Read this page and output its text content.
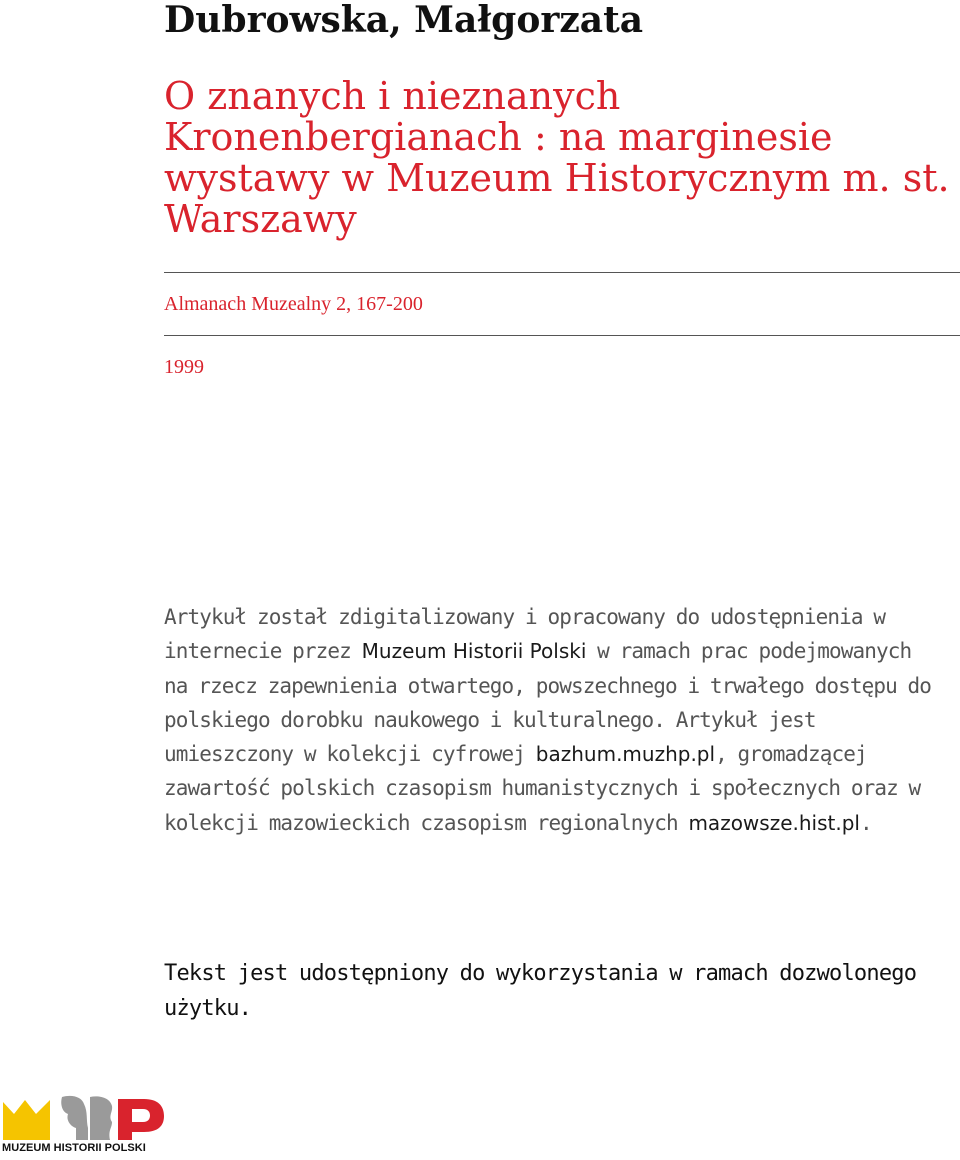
Dubrowska, Małgorzata
O znanych i nieznanych Kronenbergianach : na marginesie wystawy w Muzeum Historycznym m. st. Warszawy
Almanach Muzealny 2, 167-200
1999

Artykuł został zdigitalizowany i opracowany do udostępnienia w internecie przez Muzeum Historii Polski w ramach prac podejmowanych na rzecz zapewnienia otwartego, powszechnego i trwałego dostępu do polskiego dorobku naukowego i kulturalnego. Artykuł jest umieszczony w kolekcji cyfrowej bazhum.muzhp.pl, gromadzącej zawartość polskich czasopism humanistycznych i społecznych oraz w kolekcji mazowieckich czasopism regionalnych mazowsze.hist.pl.

Tekst jest udostępniony do wykorzystania w ramach dozwolonego użytku.

MUZEUM HISTORII POLSKI
